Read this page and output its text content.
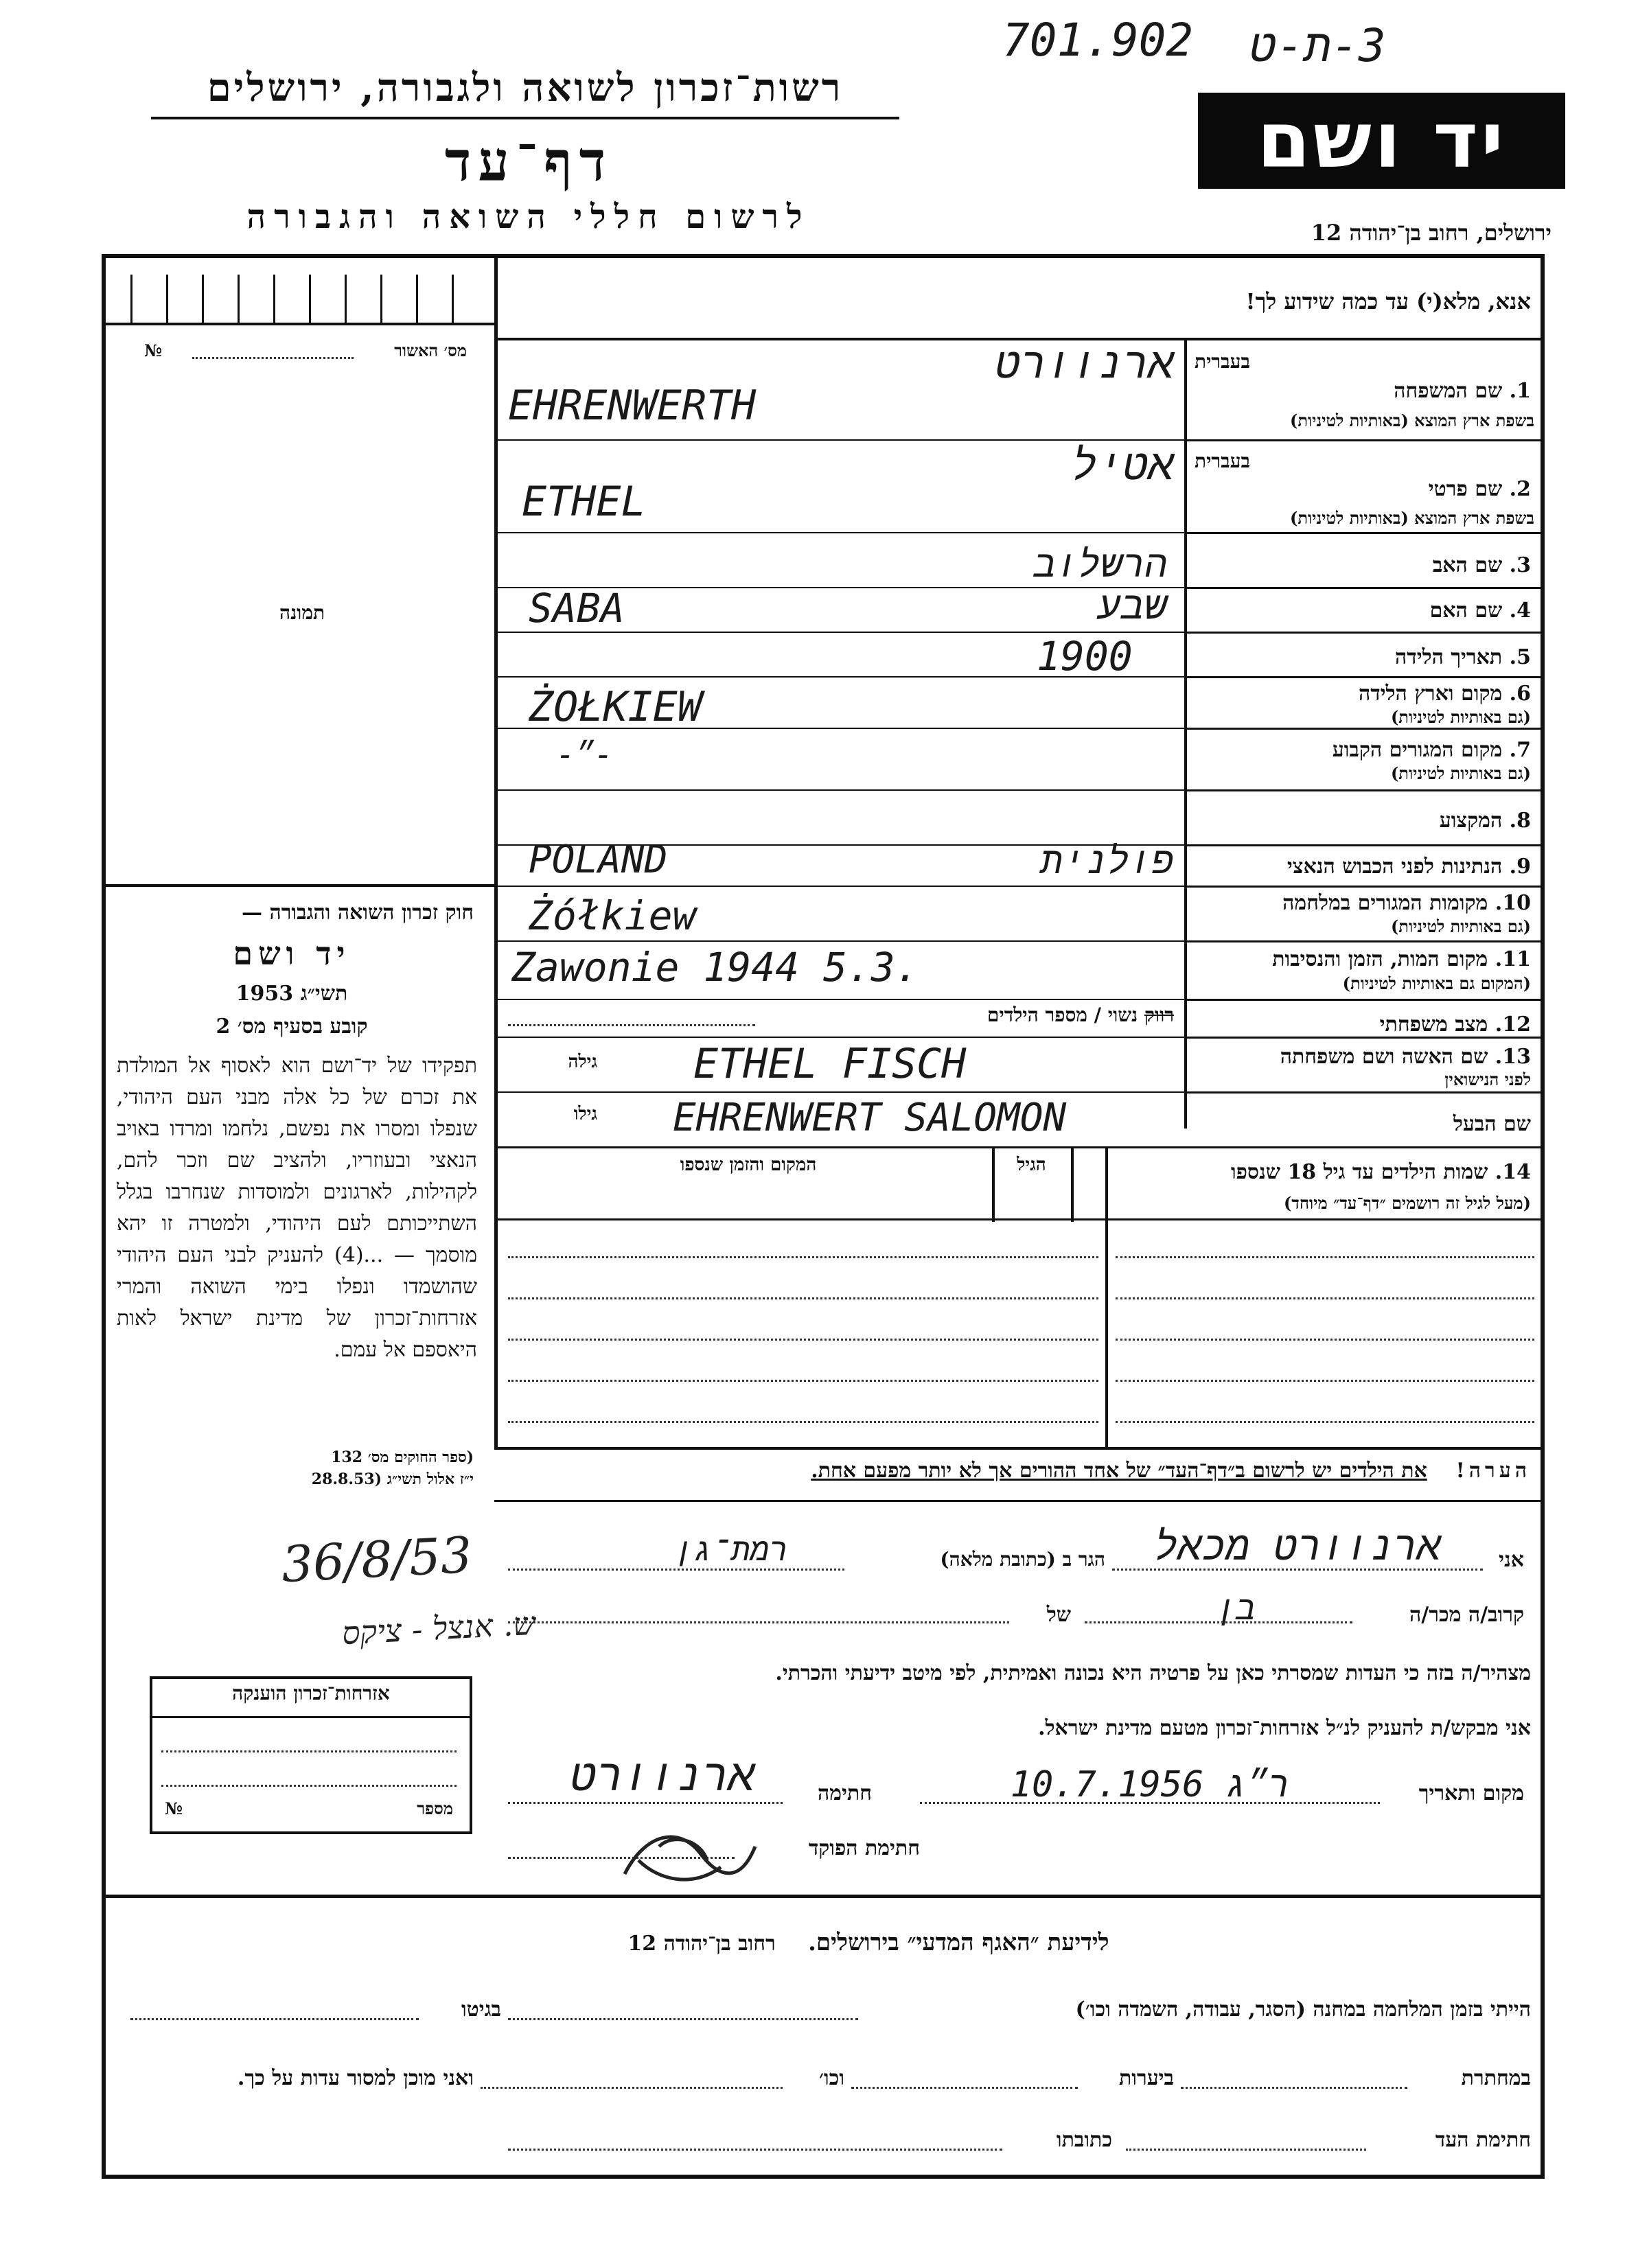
701.902 3-ת-ט
רשות־זכרון לשואה ולגבורה, ירושלים
דף־עד
לרשום חללי השואה והגבורה
יד ושם
ירושלים, רחוב בן־יהודה 12
מס׳ האשור
№
תמונה
חוק זכרון השואה והגבורה —
יד ושם
תשי״ג 1953
קובע בסעיף מס׳ 2
תפקידו של יד־ושם הוא לאסוף אל המולדת את זכרם של כל אלה מבני העם היהודי, שנפלו ומסרו את נפשם, נלחמו ומרדו באויב הנאצי ובעוזריו, ולהציב שם וזכר להם, לקהילות, לארגונים ולמוסדות שנחרבו בגלל השתייכותם לעם היהודי, ולמטרה זו יהא מוסמך — ...(4) להעניק לבני העם היהודי שהושמדו ונפלו בימי השואה והמרי אזרחות־זכרון של מדינת ישראל לאות היאספם אל עמם.
(ספר החוקים מס׳ 132
י״ז אלול תשי״ג (28.8.53
36/8/53
ש. אנצל - ציקס
אזרחות־זכרון הוענקה
מספר
№
אנא, מלא(י) עד כמה שידוע לך!
בעברית
1. שם המשפחה
בשפת ארץ המוצא (באותיות לטיניות)
ארנוורט
EHRENWERTH
בעברית
2. שם פרטי
בשפת ארץ המוצא (באותיות לטיניות)
אטיל
ETHEL
3. שם האב
הרשלוב
4. שם האם
SABA	שבע
5. תאריך הלידה
1900
6. מקום וארץ הלידה
(גם באותיות לטיניות)
ŻOŁKIEW
7. מקום המגורים הקבוע
(גם באותיות לטיניות)
-״-
8. המקצוע
9. הנתינות לפני הכבוש הנאצי
POLAND	פולנית
10. מקומות המגורים במלחמה
(גם באותיות לטיניות)
Żółkiew
11. מקום המות, הזמן והנסיבות
(המקום גם באותיות לטיניות)
Zawonie 1944 5.3.
12. מצב משפחתי
רווק נשוי / מספר הילדים
13. שם האשה ושם משפחתה
לפני הנישואין
גילה ETHEL FISCH
שם הבעל
גילו EHRENWERT SALOMON
14. שמות הילדים עד גיל 18 שנספו
(מעל לגיל זה רושמים ״דף־עד״ מיוחד)
הגיל
המקום והזמן שנספו
הערה!    את הילדים יש לרשום ב״דף־העד״ של אחד ההורים אך לא יותר מפעם אחת.
אני
ארנוורט מכאל
הגר ב (כתובת מלאה)
רמת־גן
קרוב/ה מכר/ה
בן
של
מצהיר/ה בזה כי העדות שמסרתי כאן על פרטיה היא נכונה ואמיתית, לפי מיטב ידיעתי והכרתי.
אני מבקש/ת להעניק לנ״ל אזרחות־זכרון מטעם מדינת ישראל.
מקום ותאריך
ר״ג 10.7.1956
חתימה
ארנוורט
חתימת הפוקד
לידיעת ״האגף המדעי״ בירושלים.    רחוב בן־יהודה 12
הייתי בזמן המלחמה במחנה (הסגר, עבודה, השמדה וכו׳)
בגיטו
במחתרת
ביערות
וכו׳
ואני מוכן למסור עדות על כך.
חתימת העד
כתובתו
